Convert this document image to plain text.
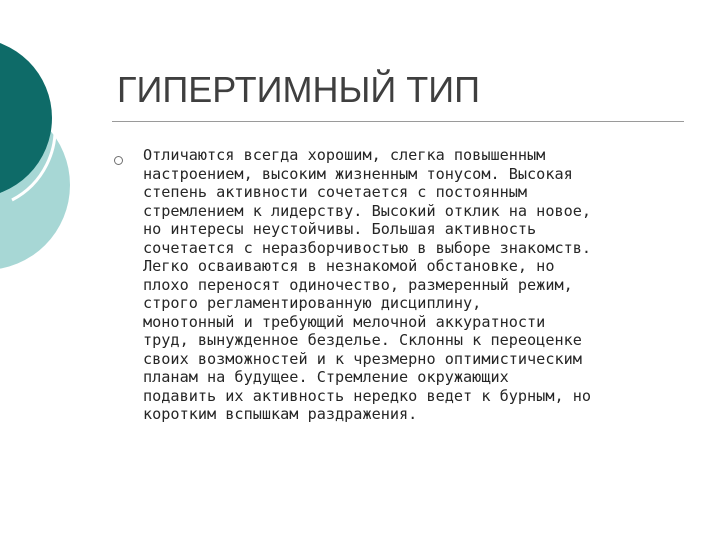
ГИПЕРТИМНЫЙ ТИП

Отличаются всегда хорошим, слегка повышенным
настроением, высоким жизненным тонусом. Высокая
степень активности сочетается с постоянным
стремлением к лидерству. Высокий отклик на новое,
но интересы неустойчивы. Большая активность
сочетается с неразборчивостью в выборе знакомств.
Легко осваиваются в незнакомой обстановке, но
плохо переносят одиночество, размеренный режим,
строго регламентированную дисциплину,
монотонный и требующий мелочной аккуратности
труд, вынужденное безделье. Склонны к переоценке
своих возможностей и к чрезмерно оптимистическим
планам на будущее. Стремление окружающих
подавить их активность нередко ведет к бурным, но
коротким вспышкам раздражения.
